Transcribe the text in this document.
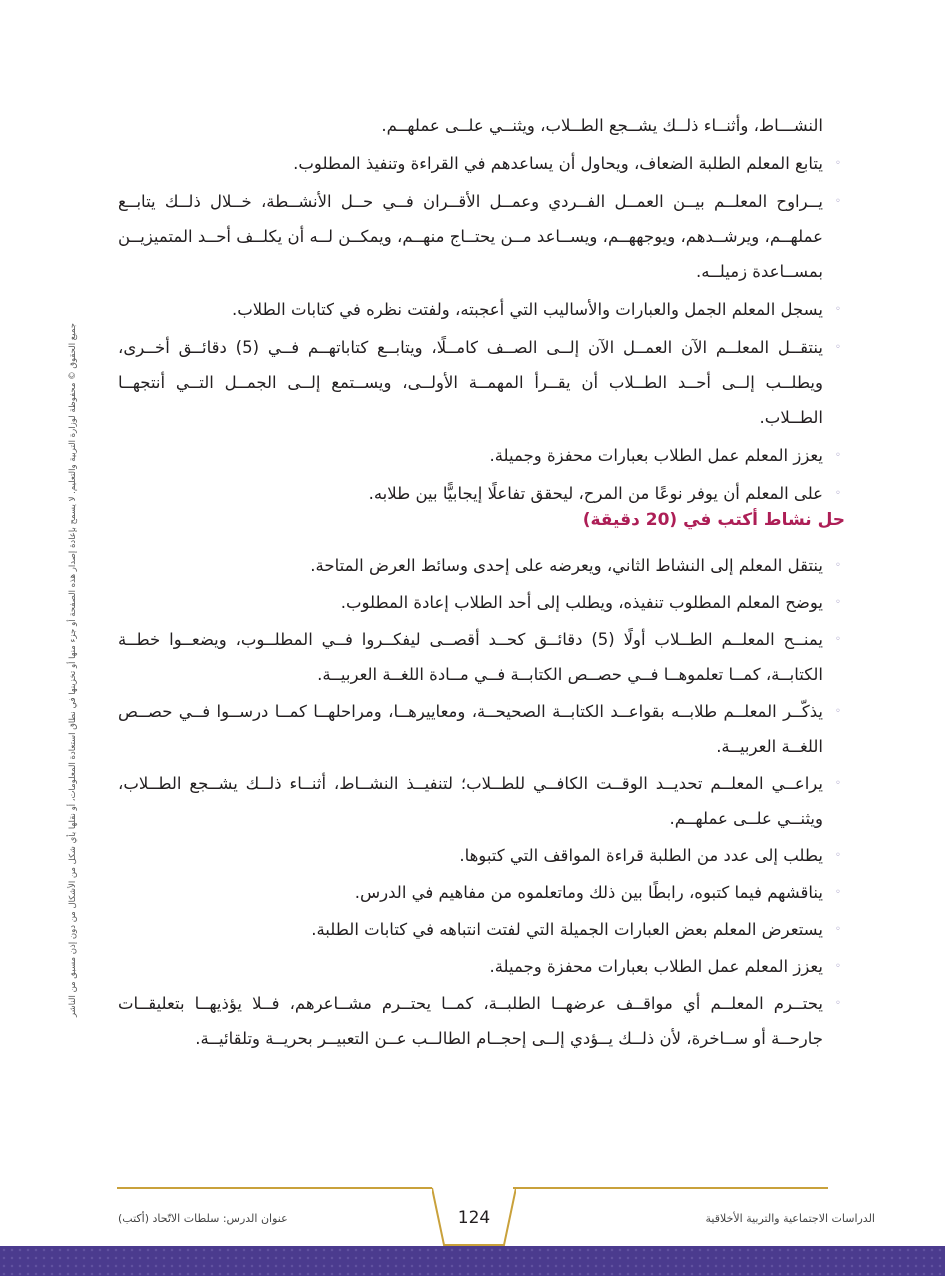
جميع الحقوق © محفوظة لوزارة التربية والتعليم. لا يسمح بإعادة إصدار هذه الصفحة أو جزء منها أو تخزينها في نطاق استعادة المعلومات، أو نقلها بأي شكل من الأشكال من دون إذن مسبق من الناشر
النشـــاط، وأثنــاء ذلــك يشــجع الطــلاب، ويثنــي علــى عملهــم.
◦
يتابع المعلم الطلبة الضعاف، ويحاول أن يساعدهم في القراءة وتنفيذ المطلوب.
◦
يــراوح المعلــم بيــن العمــل الفــردي وعمــل الأقــران فــي حــل الأنشــطة، خــلال ذلــك يتابــع عملهــم، ويرشــدهم، ويوجههــم، ويســاعد مــن يحتــاج منهــم، ويمكــن لــه أن يكلــف أحــد المتميزيــن بمســاعدة زميلــه.
◦
يسجل المعلم الجمل والعبارات والأساليب التي أعجبته، ولفتت نظره في كتابات الطلاب.
◦
ينتقــل المعلــم الآن العمــل الآن إلــى الصــف كامــلًا، ويتابــع كتاباتهــم فــي (5) دقائــق أخــرى، ويطلــب إلــى أحــد الطــلاب أن يقــرأ المهمــة الأولــى، ويســتمع إلــى الجمــل التــي أنتجهــا الطــلاب.
◦
يعزز المعلم عمل الطلاب بعبارات محفزة وجميلة.
◦
على المعلم أن يوفر نوعًا من المرح، ليحقق تفاعلًا إيجابيًّا بين طلابه.
حل نشاط أكتب في (20 دقيقة)
◦
ينتقل المعلم إلى النشاط الثاني، ويعرضه على إحدى وسائط العرض المتاحة.
◦
يوضح المعلم المطلوب تنفيذه، ويطلب إلى أحد الطلاب إعادة المطلوب.
◦
يمنــح المعلــم الطــلاب أولًا (5) دقائــق كحــد أقصــى ليفكــروا فــي المطلــوب، ويضعــوا خطــة الكتابــة، كمــا تعلموهــا فــي حصــص الكتابــة فــي مــادة اللغــة العربيــة.
◦
يذكّــر المعلــم طلابــه بقواعــد الكتابــة الصحيحــة، ومعاييرهــا، ومراحلهــا كمــا درســوا فــي حصــص اللغــة العربيــة.
◦
يراعــي المعلــم تحديــد الوقــت الكافــي للطــلاب؛ لتنفيــذ النشــاط، أثنــاء ذلــك يشــجع الطــلاب، ويثنــي علــى عملهــم.
◦
يطلب إلى عدد من الطلبة قراءة المواقف التي كتبوها.
◦
يناقشهم فيما كتبوه، رابطًا بين ذلك وماتعلموه من مفاهيم في الدرس.
◦
يستعرض المعلم بعض العبارات الجميلة التي لفتت انتباهه في كتابات الطلبة.
◦
يعزز المعلم عمل الطلاب بعبارات محفزة وجميلة.
◦
يحتــرم المعلــم أي مواقــف عرضهــا الطلبــة، كمــا يحتــرم مشــاعرهم، فــلا يؤذيهــا بتعليقــات جارحــة أو ســاخرة، لأن ذلــك يــؤدي إلــى إحجــام الطالــب عــن التعبيــر بحريــة وتلقائيــة.
124	الدراسات الاجتماعية والتربية الأخلاقية
عنوان الدرس: سلطات الاتّحاد (أكتب)
